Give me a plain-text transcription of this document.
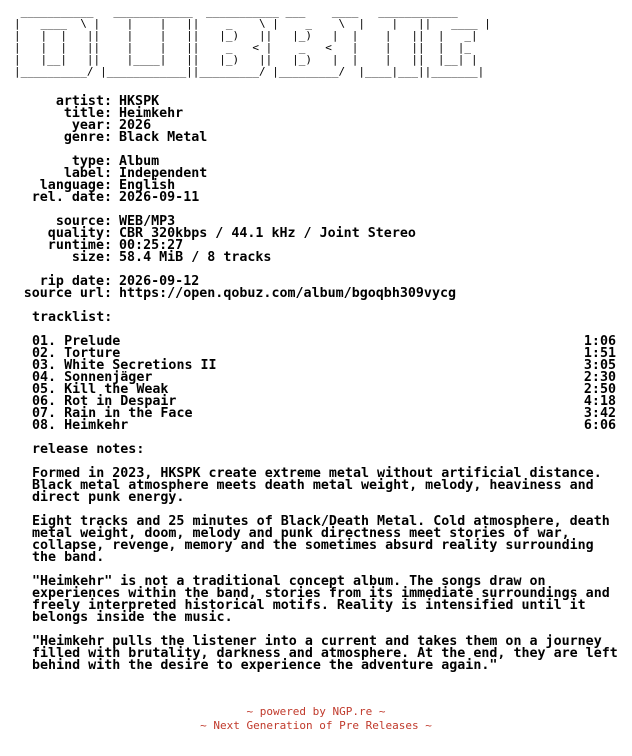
___________   ____________  ___________ ___    ____   ____________
|   ____  \ |    |    |   ||    _    \ |    _    \  |    |   ||   ____ |
|   |  |   ||    |    |   ||   |_)   ||   |_)   |  |    |   ||  |   _|
|   |  |   ||    |    |   ||    _   < |    _   <   |    |   ||  |  |_
|   |__|   ||    |____|   ||   |_)   ||   |_)   |  |    |   ||  |__| |
|__________/ |____________||_________/ |_________/  |____|___||_______|
artist: HKSPK
title: Heimkehr
year: 2026
genre: Black Metal
type: Album
label: Independent
language: English
rel. date: 2026-09-11
source: WEB/MP3
quality: CBR 320kbps / 44.1 kHz / Joint Stereo
runtime: 00:25:27
size: 58.4 MiB / 8 tracks
rip date: 2026-09-12
source url: https://open.qobuz.com/album/bgoqbh309vycg
tracklist:
01. Prelude	1:06
02. Torture	1:51
03. White Secretions II	3:05
04. Sonnenjäger	2:30
05. Kill the Weak	2:50
06. Rot in Despair	4:18
07. Rain in the Face	3:42
08. Heimkehr	6:06
release notes:
Formed in 2023, HKSPK create extreme metal without artificial distance. Black metal atmosphere meets death metal weight, melody, heaviness and direct punk energy.
Eight tracks and 25 minutes of Black/Death Metal. Cold atmosphere, death metal weight, doom, melody and punk directness meet stories of war, collapse, revenge, memory and the sometimes absurd reality surrounding the band.
"Heimkehr" is not a traditional concept album. The songs draw on experiences within the band, stories from its immediate surroundings and freely interpreted historical motifs. Reality is intensified until it belongs inside the music.
"Heimkehr pulls the listener into a current and takes them on a journey filled with brutality, darkness and atmosphere. At the end, they are left behind with the desire to experience the adventure again."
~ powered by NGP.re ~
~ Next Generation of Pre Releases ~
